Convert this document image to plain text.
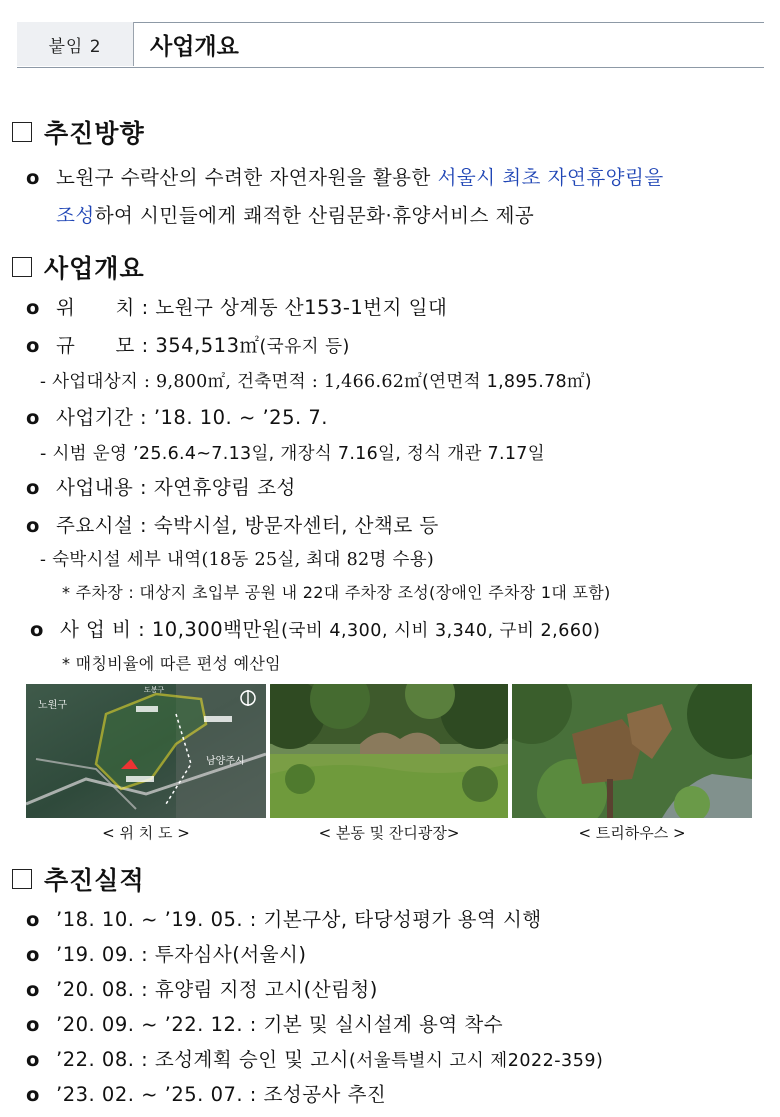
붙임 2	사업개요
추진방향
o 노원구 수락산의 수려한 자연자원을 활용한 서울시 최초 자연휴양림을
조성하여 시민들에게 쾌적한 산림문화·휴양서비스 제공
사업개요
o 위      치 : 노원구 상계동 산153-1번지 일대
o 규      모 : 354,513㎡(국유지 등)
- 사업대상지 : 9,800㎡, 건축면적 : 1,466.62㎡(연면적 1,895.78㎡)
o 사업기간 : ’18. 10. ~ ’25. 7.
- 시범 운영 ’25.6.4~7.13일, 개장식 7.16일, 정식 개관 7.17일
o 사업내용 : 자연휴양림 조성
o 주요시설 : 숙박시설, 방문자센터, 산책로 등
- 숙박시설 세부 내역(18동 25실, 최대 82명 수용)
* 주차장 : 대상지 초입부 공원 내 22대 주차장 조성(장애인 주차장 1대 포함)
o 사 업 비 : 10,300백만원(국비 4,300, 시비 3,340, 구비 2,660)
* 매칭비율에 따른 편성 예산임
노원구
남양주시
도봉구
< 위 치 도 >	< 본동 및 잔디광장>	< 트리하우스 >
추진실적
o ’18. 10. ~ ’19. 05. : 기본구상, 타당성평가 용역 시행
o ’19. 09. : 투자심사(서울시)
o ’20. 08. : 휴양림 지정 고시(산림청)
o ’20. 09. ~ ’22. 12. : 기본 및 실시설계 용역 착수
o ’22. 08. : 조성계획 승인 및 고시(서울특별시 고시 제2022-359)
o ’23. 02. ~ ’25. 07. : 조성공사 추진
